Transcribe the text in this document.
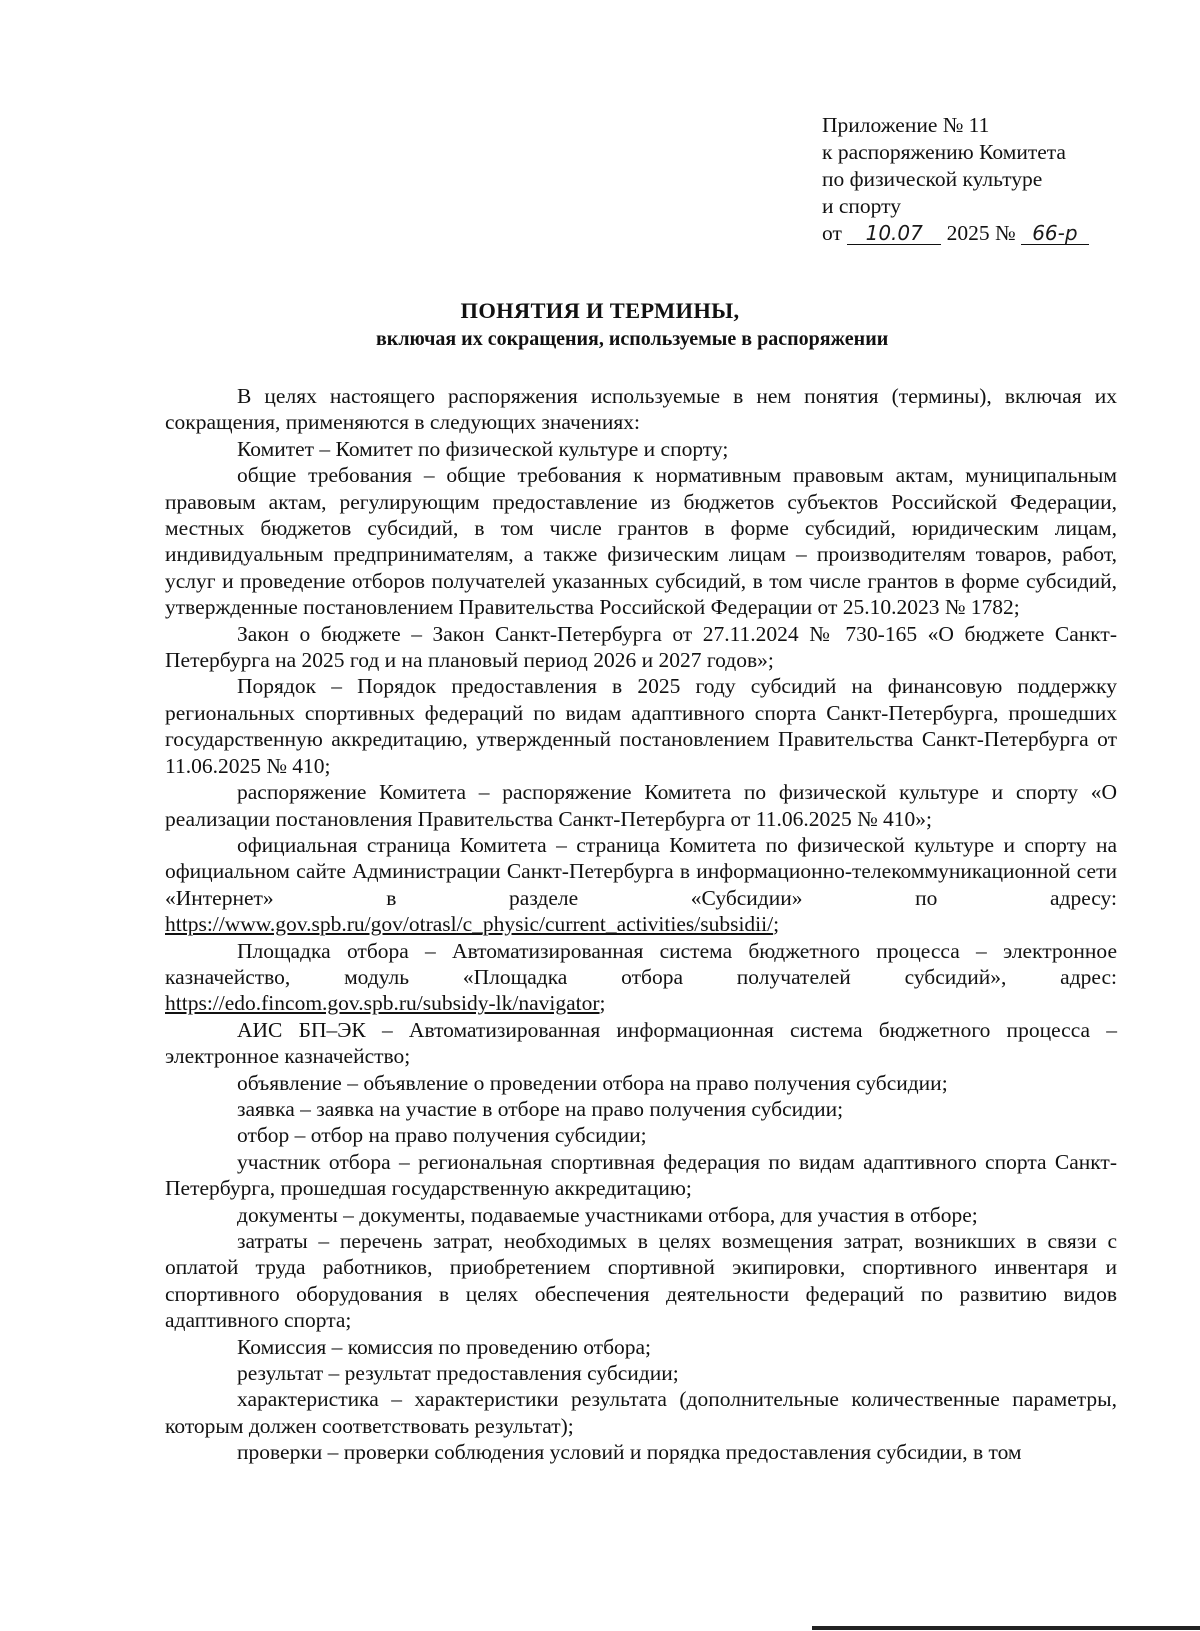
Приложение № 11
к распоряжению Комитета
по физической культуре
и спорту
от 10.07 2025 № 66-р
ПОНЯТИЯ И ТЕРМИНЫ,
включая их сокращения, используемые в распоряжении

В целях настоящего распоряжения используемые в нем понятия (термины), включая их сокращения, применяются в следующих значениях:

Комитет – Комитет по физической культуре и спорту;

общие требования – общие требования к нормативным правовым актам, муниципальным правовым актам, регулирующим предоставление из бюджетов субъектов Российской Федерации, местных бюджетов субсидий, в том числе грантов в форме субсидий, юридическим лицам, индивидуальным предпринимателям, а также физическим лицам – производителям товаров, работ, услуг и проведение отборов получателей указанных субсидий, в том числе грантов в форме субсидий, утвержденные постановлением Правительства Российской Федерации от 25.10.2023 № 1782;

Закон о бюджете – Закон Санкт-Петербурга от 27.11.2024 № 730-165 «О бюджете Санкт-Петербурга на 2025 год и на плановый период 2026 и 2027 годов»;

Порядок – Порядок предоставления в 2025 году субсидий на финансовую поддержку региональных спортивных федераций по видам адаптивного спорта Санкт-Петербурга, прошедших государственную аккредитацию, утвержденный постановлением Правительства Санкт-Петербурга от 11.06.2025 № 410;

распоряжение Комитета – распоряжение Комитета по физической культуре и спорту «О реализации постановления Правительства Санкт-Петербурга от 11.06.2025 № 410»;

официальная страница Комитета – страница Комитета по физической культуре и спорту на официальном сайте Администрации Санкт-Петербурга в информационно-телекоммуникационной сети «Интернет» в разделе «Субсидии» по адресу: https://www.gov.spb.ru/gov/otrasl/c_physic/current_activities/subsidii/;

Площадка отбора – Автоматизированная система бюджетного процесса – электронное казначейство, модуль «Площадка отбора получателей субсидий», адрес: https://edo.fincom.gov.spb.ru/subsidy-lk/navigator;

АИС БП–ЭК – Автоматизированная информационная система бюджетного процесса – электронное казначейство;

объявление – объявление о проведении отбора на право получения субсидии;

заявка – заявка на участие в отборе на право получения субсидии;

отбор – отбор на право получения субсидии;

участник отбора – региональная спортивная федерация по видам адаптивного спорта Санкт-Петербурга, прошедшая государственную аккредитацию;

документы – документы, подаваемые участниками отбора, для участия в отборе;

затраты – перечень затрат, необходимых в целях возмещения затрат, возникших в связи с оплатой труда работников, приобретением спортивной экипировки, спортивного инвентаря и спортивного оборудования в целях обеспечения деятельности федераций по развитию видов адаптивного спорта;

Комиссия – комиссия по проведению отбора;

результат – результат предоставления субсидии;

характеристика – характеристики результата (дополнительные количественные параметры, которым должен соответствовать результат);

проверки – проверки соблюдения условий и порядка предоставления субсидии, в том
